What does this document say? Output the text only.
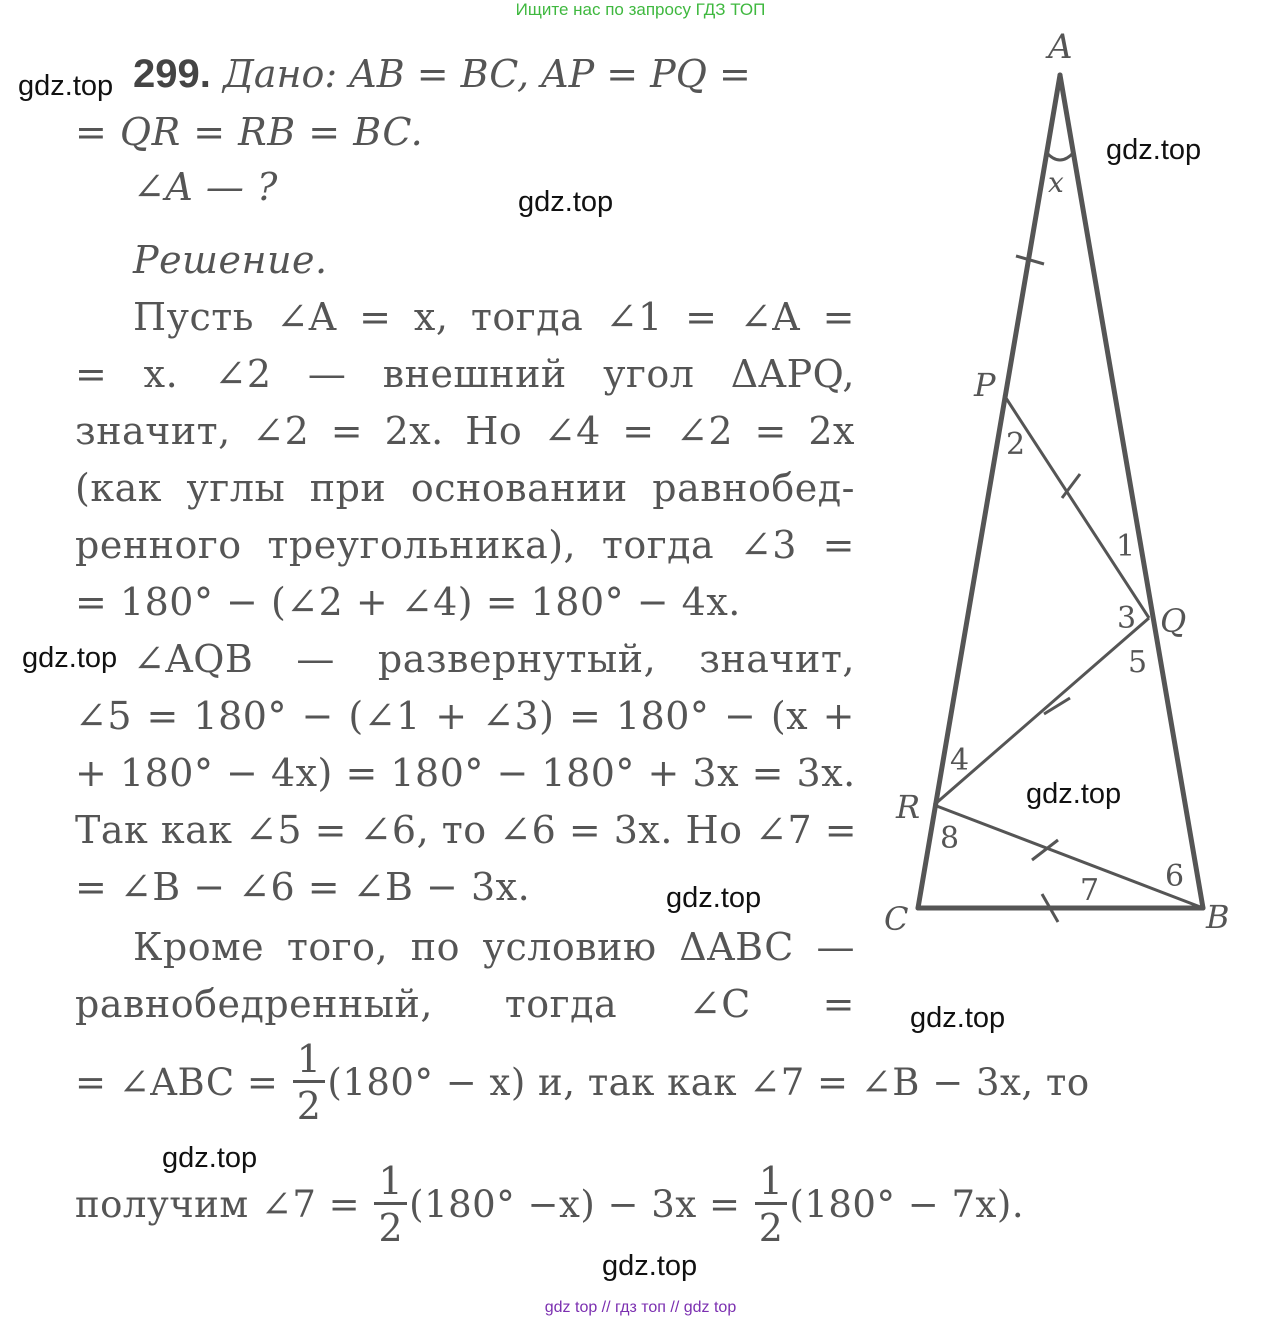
Ищите нас по запросу ГДЗ ТОП
299. Дано: AB = BC, AP = PQ =
= QR = RB = BC.
∠A — ?
Решение.
Пусть ∠A = x, тогда ∠1 = ∠A =
= x. ∠2 — внешний угол ΔAPQ,
значит, ∠2 = 2x. Но ∠4 = ∠2 = 2x
(как углы при основании равнобед-
ренного треугольника), тогда ∠3 =
= 180° − (∠2 + ∠4) = 180° − 4x.
∠AQB — развернутый, значит,
∠5 = 180° − (∠1 + ∠3) = 180° − (x +
+ 180° − 4x) = 180° − 180° + 3x = 3x.
Так как ∠5 = ∠6, то ∠6 = 3x. Но ∠7 =
= ∠B − ∠6 = ∠B − 3x.
Кроме того, по условию ΔABC —
равнобедренный, тогда ∠C =
= ∠ABC = $\frac{1}{2} (180^\circ - x)$ и, так как ∠7 = ∠B − 3x, то
получим ∠7 = $\frac{1}{2} (180^\circ -x) - 3x = \frac{1}{2} (180^\circ - 7x)$.
A
P
Q
R
C	B
x
1
2
3
4
5
6
7
8
gdz.top
gdz.top
gdz.top
gdz.top
gdz.top
gdz.top
gdz.top
gdz.top
gdz.top
gdz top // гдз топ // gdz top
